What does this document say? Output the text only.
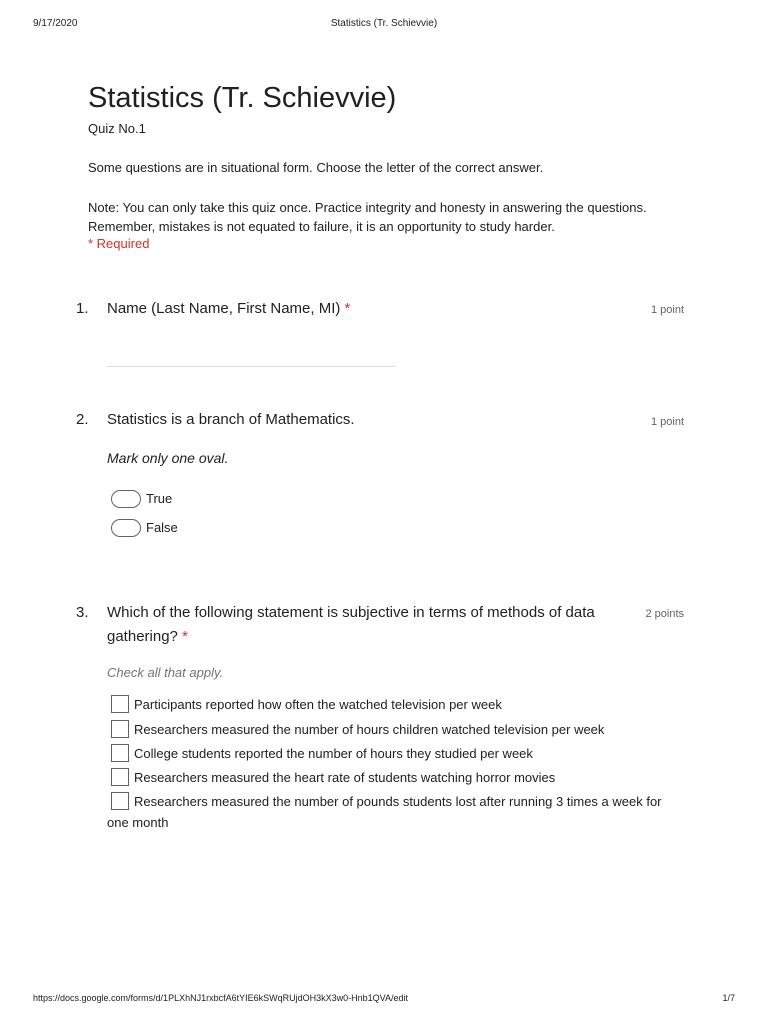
9/17/2020	Statistics (Tr. Schievvie)
Statistics (Tr. Schievvie)
Quiz No.1
Some questions are in situational form. Choose the letter of the correct answer.
Note: You can only take this quiz once. Practice integrity and honesty in answering the questions. Remember, mistakes is not equated to failure, it is an opportunity to study harder.
* Required
1. Name (Last Name, First Name, MI) *	1 point
2. Statistics is a branch of Mathematics.	1 point
Mark only one oval.
True
False
3. Which of the following statement is subjective in terms of methods of data gathering? *
2 points
Check all that apply.
Participants reported how often the watched television per week
Researchers measured the number of hours children watched television per week
College students reported the number of hours they studied per week
Researchers measured the heart rate of students watching horror movies
Researchers measured the number of pounds students lost after running 3 times a week for one month
https://docs.google.com/forms/d/1PLXhNJ1rxbcfA6tYIE6kSWqRUjdOH3kX3w0-Hnb1QVA/edit	1/7
